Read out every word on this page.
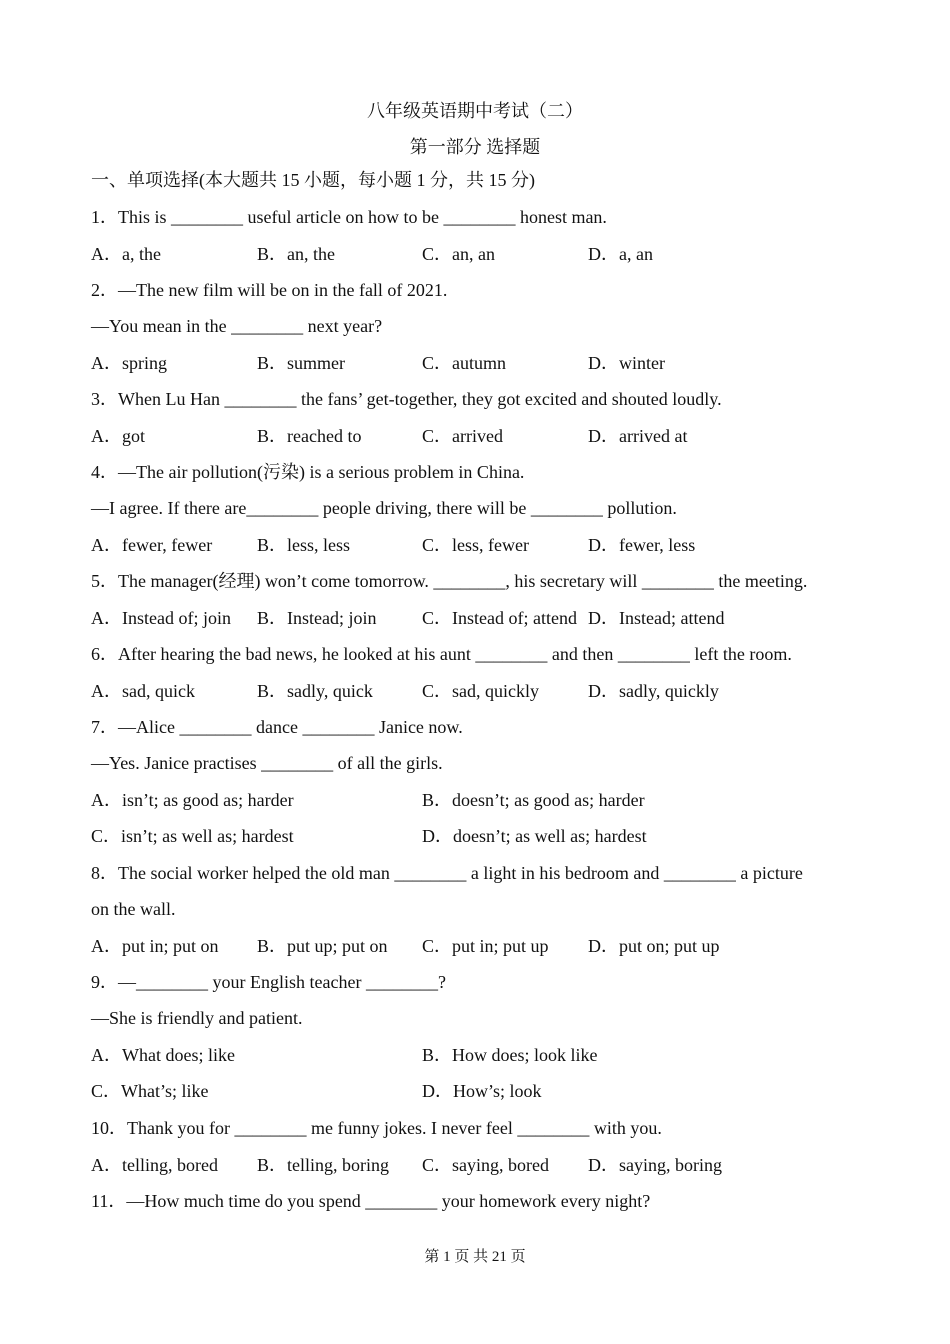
八年级英语期中考试（二）
第一部分 选择题
一、单项选择(本大题共 15 小题，每小题 1 分，共 15 分)
1．This is ________ useful article on how to be ________ honest man.
A．a, the	B．an, the	C．an, an	D．a, an
2．—The new film will be on in the fall of 2021.
—You mean in the ________ next year?
A．spring	B．summer	C．autumn	D．winter
3．When Lu Han ________ the fans’ get-together, they got excited and shouted loudly.
A．got	B．reached to	C．arrived	D．arrived at
4．—The air pollution(污染) is a serious problem in China.
—I agree. If there are________ people driving, there will be ________ pollution.
A．fewer, fewer B．less, less	C．less, fewer	D．fewer, less
5．The manager(经理) won’t come tomorrow. ________, his secretary will ________ the meeting.
A．Instead of; join B．Instead; join	C．Instead of; attend D．Instead; attend
6．After hearing the bad news, he looked at his aunt ________ and then ________ left the room.
A．sad, quick	B．sadly, quick	C．sad, quickly	D．sadly, quickly
7．—Alice ________ dance ________ Janice now.
—Yes. Janice practises ________ of all the girls.
A．isn’t; as good as; harder	B．doesn’t; as good as; harder
C．isn’t; as well as; hardest	D．doesn’t; as well as; hardest
8．The social worker helped the old man ________ a light in his bedroom and ________ a picture
on the wall.
A．put in; put on B．put up; put on C．put in; put up D．put on; put up
9．—________ your English teacher ________?
—She is friendly and patient.
A．What does; like	B．How does; look like
C．What’s; like	D．How’s; look
10．Thank you for ________ me funny jokes. I never feel ________ with you.
A．telling, bored B．telling, boring C．saying, bored D．saying, boring
11．—How much time do you spend ________ your homework every night?
第 1 页 共 21 页
